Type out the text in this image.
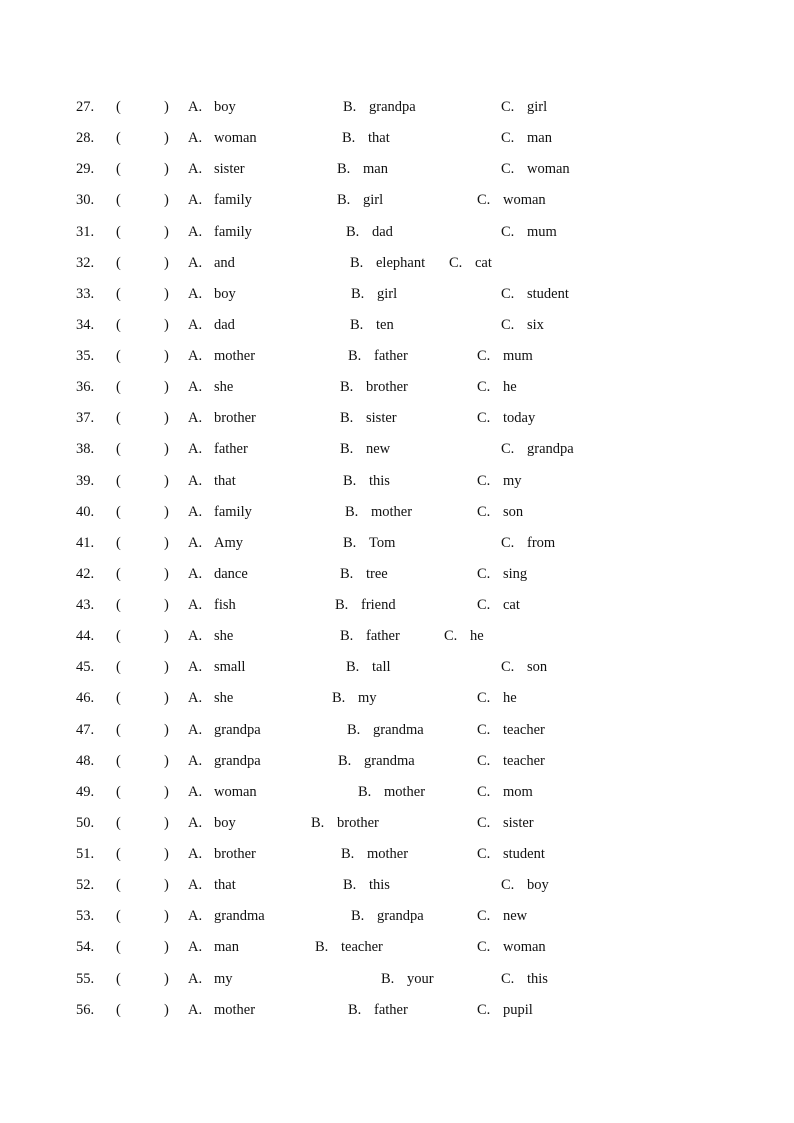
27. (	) A. boy	B. grandpa	C. girl
28. (	) A. woman	B. that	C. man
29. (	) A. sister	B. man	C. woman
30. (	) A. family	B. girl	C. woman
31. (	) A. family	B. dad	C. mum
32. (	) A. and	B. elephant C. cat
33. (	) A. boy	B. girl	C. student
34. (	) A. dad	B. ten	C. six
35. (	) A. mother	B. father	C. mum
36. (	) A. she	B. brother	C. he
37. (	) A. brother	B. sister	C. today
38. (	) A. father	B. new	C. grandpa
39. (	) A. that	B. this	C. my
40. (	) A. family	B. mother	C. son
41. (	) A. Amy	B. Tom	C. from
42. (	) A. dance	B. tree	C. sing
43. (	) A. fish	B. friend	C. cat
44. (	) A. she	B. father	C. he
45. (	) A. small	B. tall	C. son
46. (	) A. she	B. my	C. he
47. (	) A. grandpa	B. grandma	C. teacher
48. (	) A. grandpa	B. grandma	C. teacher
49. (	) A. woman	B. mother	C. mom
50. (	) A. boy	B. brother	C. sister
51. (	) A. brother	B. mother	C. student
52. (	) A. that	B. this	C. boy
53. (	) A. grandma	B. grandpa	C. new
54. (	) A. man	B. teacher	C. woman
55. (	) A. my	B. your	C. this
56. (	) A. mother	B. father	C. pupil
